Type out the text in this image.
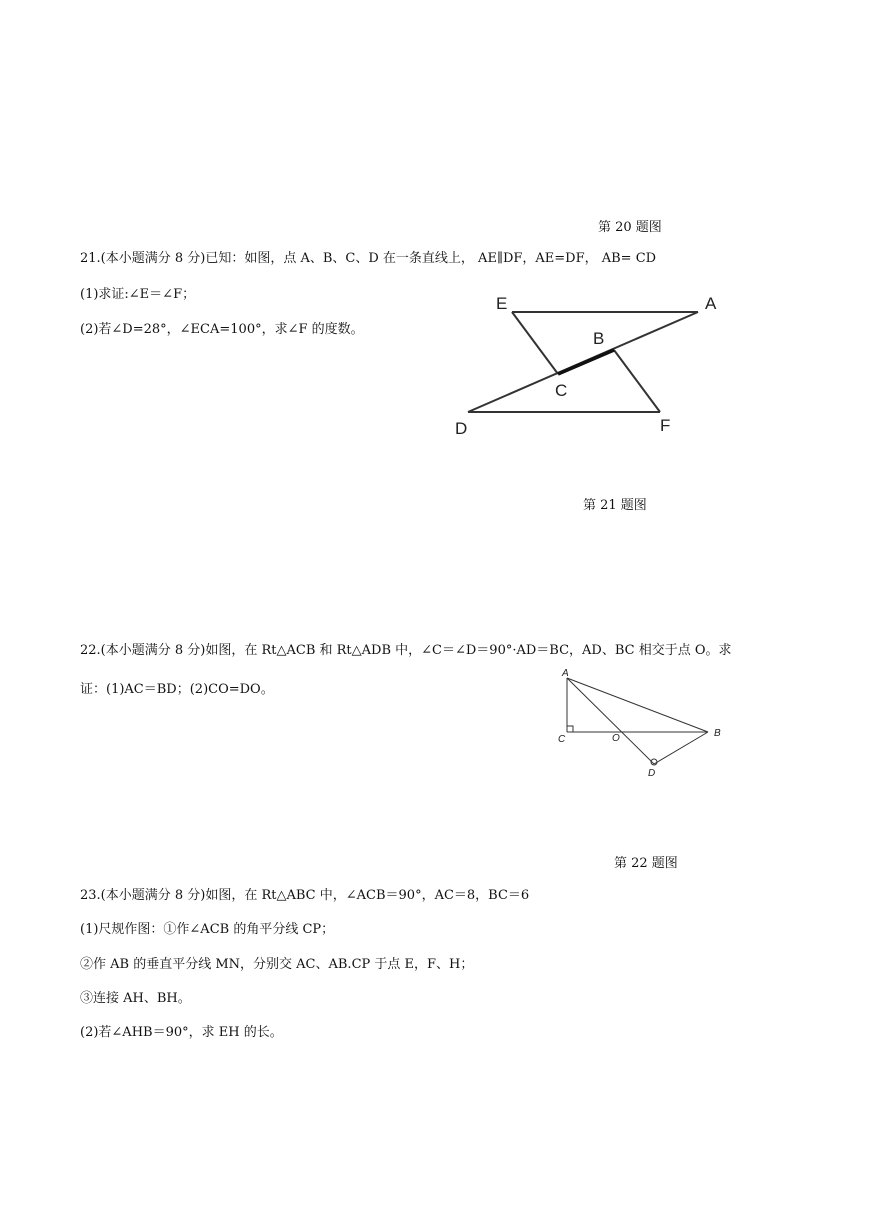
第 20 题图
21.(本小题满分 8 分)已知：如图，点 A、B、C、D 在一条直线上， AE∥DF，AE=DF， AB= CD
(1)求证:∠E＝∠F；
(2)若∠D=28°，∠ECA=100°，求∠F 的度数。
E	A
B
C
D	F
第 21 题图
22.(本小题满分 8 分)如图，在 Rt△ACB 和 Rt△ADB 中，∠C＝∠D＝90°·AD＝BC，AD、BC 相交于点 O。求
证：(1)AC＝BD；(2)CO=DO。
A
B
C	O
D
第 22 题图
23.(本小题满分 8 分)如图，在 Rt△ABC 中，∠ACB＝90°，AC＝8，BC＝6
(1)尺规作图：①作∠ACB 的角平分线 CP；
②作 AB 的垂直平分线 MN，分别交 AC、AB.CP 于点 E，F、H；
③连接 AH、BH。
(2)若∠AHB＝90°，求 EH 的长。
